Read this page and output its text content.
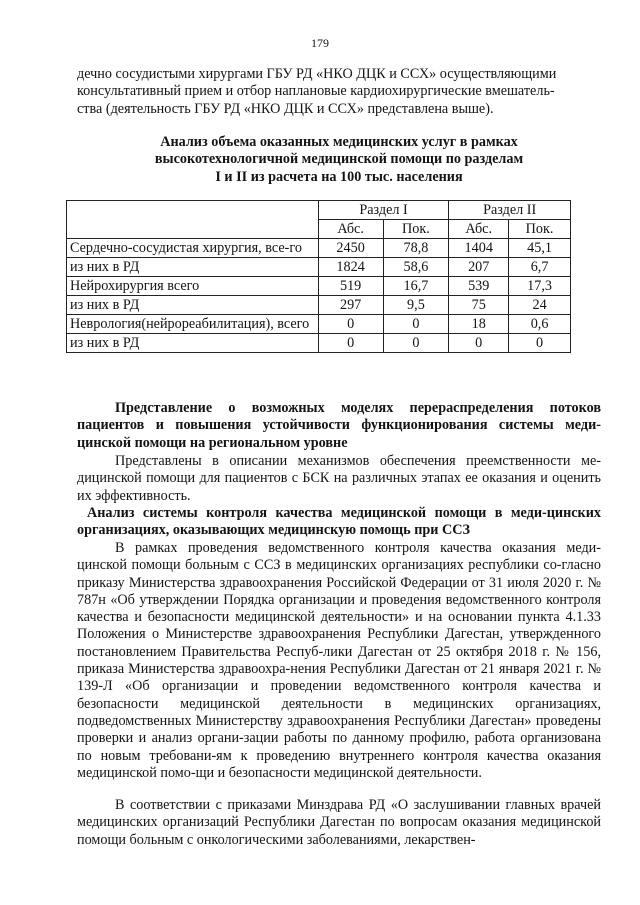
179

дечно сосудистыми хирургами ГБУ РД «НКО ДЦК и ССХ» осуществляющими

консультативный прием и отбор наплановые кардиохирургические вмешатель-

ства (деятельность ГБУ РД «НКО ДЦК и ССХ» представлена выше).

Анализ объема оказанных медицинских услуг в рамках
высокотехнологичной медицинской помощи по разделам
I и II из расчета на 100 тыс. населения
	Раздел I		Раздел II	
	Абс.	Пок.	Абс.	Пок.
Сердечно-сосудистая хирургия, все-го	2450	78,8	1404	45,1
из них в РД	1824	58,6	207	6,7
Нейрохирургия всего	519	16,7	539	17,3
из них в РД	297	9,5	75	24
Неврология(нейрореабилитация), всего	0	0	18	0,6
из них в РД	0	0	0	0
Представление о возможных моделях перераспределения потоков пациентов и повышения устойчивости функционирования системы меди-цинской помощи на региональном уровне
Представлены в описании механизмов обеспечения преемственности ме-дицинской помощи для пациентов с БСК на различных этапах ее оказания и оценить их эффективность.
Анализ системы контроля качества медицинской помощи в меди-цинских организациях, оказывающих медицинскую помощь при ССЗ
В рамках проведения ведомственного контроля качества оказания меди-цинской помощи больным с ССЗ в медицинских организациях республики со-гласно приказу Министерства здравоохранения Российской Федерации от 31 июля 2020 г. № 787н «Об утверждении Порядка организации и проведения ведомственного контроля качества и безопасности медицинской деятельности» и на основании пункта 4.1.33 Положения о Министерстве здравоохранения Республики Дагестан, утвержденного постановлением Правительства Респуб-лики Дагестан от 25 октября 2018 г. № 156, приказа Министерства здравоохра-нения Республики Дагестан от 21 января 2021 г. № 139-Л «Об организации и проведении ведомственного контроля качества и безопасности медицинской деятельности в медицинских организациях, подведомственных Министерству здравоохранения Республики Дагестан» проведены проверки и анализ органи-зации работы по данному профилю, работа организована по новым требовани-ям к проведению внутреннего контроля качества оказания медицинской помо-щи и безопасности медицинской деятельности.
В соответствии с приказами Минздрава РД «О заслушивании главных врачей медицинских организаций Республики Дагестан по вопросам оказания медицинской помощи больным с онкологическими заболеваниями, лекарствен-
